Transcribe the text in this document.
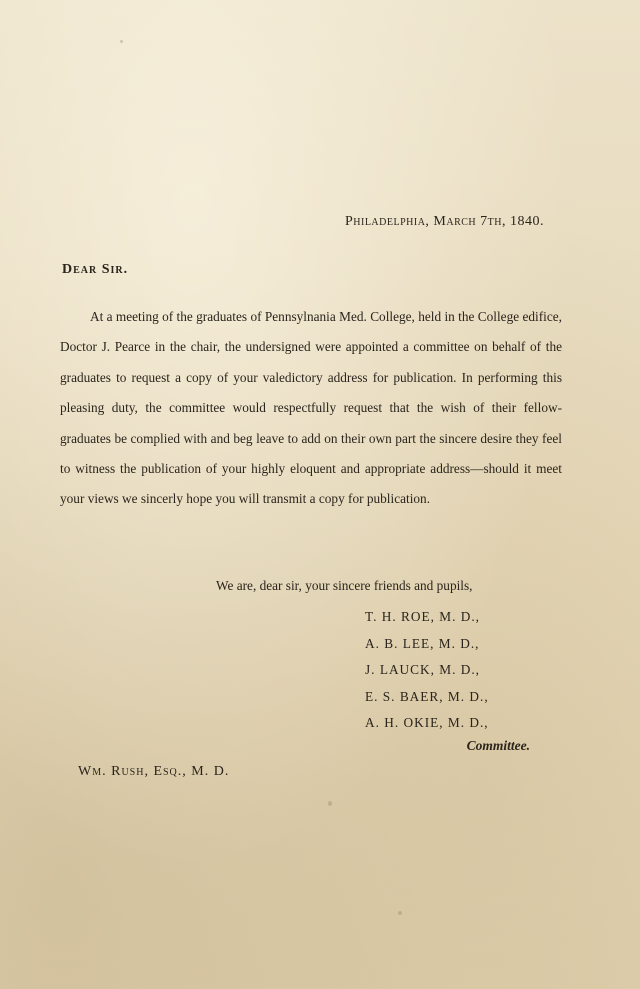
Philadelphia, March 7th, 1840.
Dear Sir.

At a meeting of the graduates of Pennsylnania Med. College, held in the College edifice, Doctor J. Pearce in the chair, the undersigned were appointed a committee on behalf of the graduates to request a copy of your valedictory address for publication. In performing this pleasing duty, the committee would respectfully request that the wish of their fellow-graduates be complied with and beg leave to add on their own part the sincere desire they feel to witness the publication of your highly eloquent and appropriate address—should it meet your views we sincerly hope you will transmit a copy for publication.

We are, dear sir, your sincere friends and pupils,
T. H. ROE, M. D.,
A. B. LEE, M. D.,
J. LAUCK, M. D.,
E. S. BAER, M. D.,
A. H. OKIE, M. D.,
Committee.
Wm. Rush, Esq., M. D.
